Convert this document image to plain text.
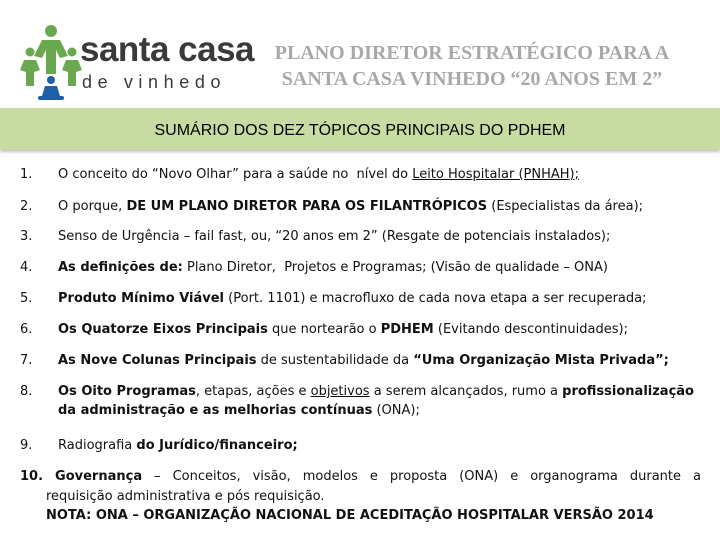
santa casa
de vinhedo
PLANO DIRETOR ESTRATÉGICO PARA A
SANTA CASA VINHEDO “20 ANOS EM 2”
SUMÁRIO DOS DEZ TÓPICOS PRINCIPAIS DO PDHEM
1. O conceito do “Novo Olhar” para a saúde no  nível do Leito Hospitalar (PNHAH);
2. O porque, DE UM PLANO DIRETOR PARA OS FILANTRÓPICOS (Especialistas da área);
3. Senso de Urgência – fail fast, ou, “20 anos em 2” (Resgate de potenciais instalados);
4. As definições de: Plano Diretor,  Projetos e Programas; (Visão de qualidade – ONA)
5. Produto Mínimo Viável (Port. 1101) e macrofluxo de cada nova etapa a ser recuperada;
6. Os Quatorze Eixos Principais que nortearão o PDHEM (Evitando descontinuidades);
7. As Nove Colunas Principais de sustentabilidade da “Uma Organização Mista Privada”;
8. Os Oito Programas, etapas, ações e objetivos a serem alcançados, rumo a profissionalização da administração e as melhorias contínuas (ONA);
9. Radiografia do Jurídico/financeiro;
10. Governança – Conceitos, visão, modelos e proposta (ONA) e organograma durante a
requisição administrativa e pós requisição.
NOTA: ONA – ORGANIZAÇÃO NACIONAL DE ACEDITAÇÃO HOSPITALAR VERSÃO 2014
